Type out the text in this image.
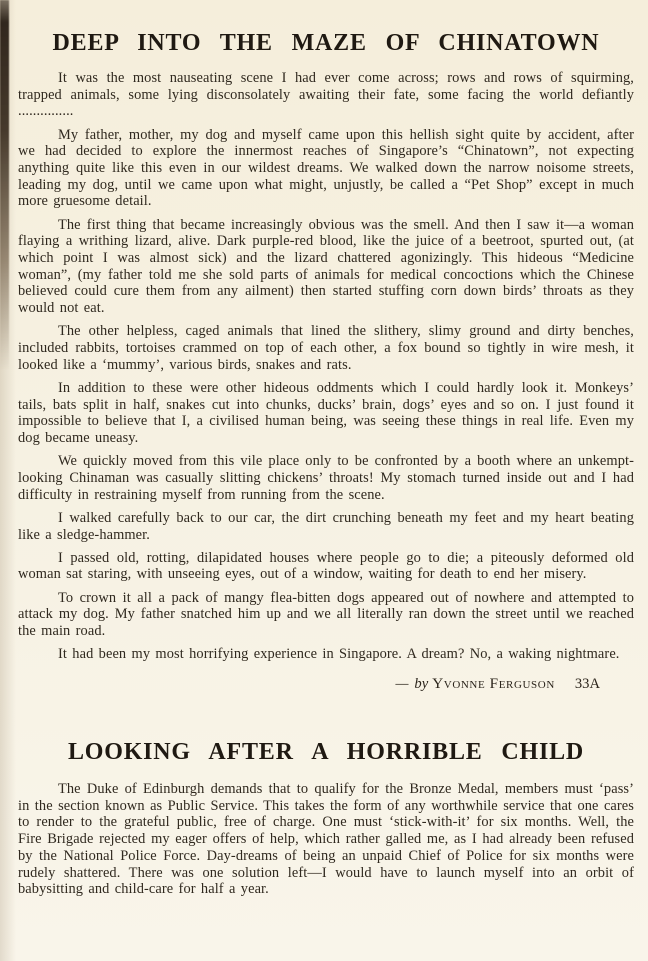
DEEP INTO THE MAZE OF CHINATOWN

It was the most nauseating scene I had ever come across; rows and rows of squirming, trapped animals, some lying disconsolately awaiting their fate, some facing the world defiantly ...............

My father, mother, my dog and myself came upon this hellish sight quite by accident, after we had decided to explore the innermost reaches of Singapore’s “Chinatown”, not expecting anything quite like this even in our wildest dreams. We walked down the narrow noisome streets, leading my dog, until we came upon what might, unjustly, be called a “Pet Shop” except in much more gruesome detail.

The first thing that became increasingly obvious was the smell. And then I saw it—a woman flaying a writhing lizard, alive. Dark purple-red blood, like the juice of a beetroot, spurted out, (at which point I was almost sick) and the lizard chattered agonizingly. This hideous “Medicine woman”, (my father told me she sold parts of animals for medical concoctions which the Chinese believed could cure them from any ailment) then started stuffing corn down birds’ throats as they would not eat.

The other helpless, caged animals that lined the slithery, slimy ground and dirty benches, included rabbits, tortoises crammed on top of each other, a fox bound so tightly in wire mesh, it looked like a ‘mummy’, various birds, snakes and rats.

In addition to these were other hideous oddments which I could hardly look it. Monkeys’ tails, bats split in half, snakes cut into chunks, ducks’ brain, dogs’ eyes and so on. I just found it impossible to believe that I, a civilised human being, was seeing these things in real life. Even my dog became uneasy.

We quickly moved from this vile place only to be confronted by a booth where an unkempt-looking Chinaman was casually slitting chickens’ throats! My stomach turned inside out and I had difficulty in restraining myself from running from the scene.

I walked carefully back to our car, the dirt crunching beneath my feet and my heart beating like a sledge-hammer.

I passed old, rotting, dilapidated houses where people go to die; a piteously deformed old woman sat staring, with unseeing eyes, out of a window, waiting for death to end her misery.

To crown it all a pack of mangy flea-bitten dogs appeared out of nowhere and attempted to attack my dog. My father snatched him up and we all literally ran down the street until we reached the main road.

It had been my most horrifying experience in Singapore. A dream? No, a waking nightmare.

— by Yvonne Ferguson 33A
LOOKING AFTER A HORRIBLE CHILD

The Duke of Edinburgh demands that to qualify for the Bronze Medal, members must ‘pass’ in the section known as Public Service. This takes the form of any worthwhile service that one cares to render to the grateful public, free of charge. One must ‘stick-with-it’ for six months. Well, the Fire Brigade rejected my eager offers of help, which rather galled me, as I had already been refused by the National Police Force. Day-dreams of being an unpaid Chief of Police for six months were rudely shattered. There was one solution left—I would have to launch myself into an orbit of babysitting and child-care for half a year.
